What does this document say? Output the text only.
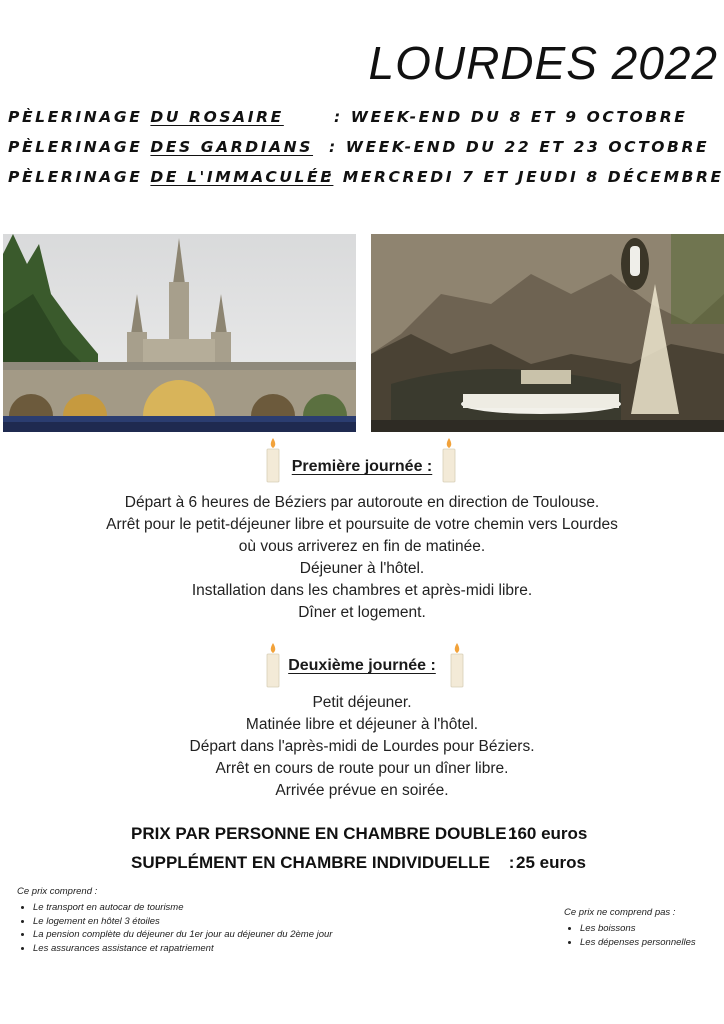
LOURDES 2022
PÈLERINAGE DU ROSAIRE	: WEEK-END DU 8 ET 9 OCTOBRE
PÈLERINAGE DES GARDIANS : WEEK-END DU 22 ET 23 OCTOBRE
PÈLERINAGE DE L'IMMACULÉE
: MERCREDI 7 ET JEUDI 8 DÉCEMBRE
Première journée :
Départ à 6 heures de Béziers par autoroute en direction de Toulouse.
Arrêt pour le petit-déjeuner libre et poursuite de votre chemin vers Lourdes
où vous arriverez en fin de matinée.
Déjeuner à l'hôtel.
Installation dans les chambres et après-midi libre.
Dîner et logement.
Deuxième journée :
Petit déjeuner.
Matinée libre et déjeuner à l'hôtel.
Départ dans l'après-midi de Lourdes pour Béziers.
Arrêt en cours de route pour un dîner libre.
Arrivée prévue en soirée.
PRIX PAR PERSONNE EN CHAMBRE DOUBLE :
160 euros
SUPPLÉMENT EN CHAMBRE INDIVIDUELLE    : 25 euros
Ce prix comprend :
• Le transport en autocar de tourisme
• Le logement en hôtel 3 étoiles
• La pension complète du déjeuner du 1er jour au déjeuner du 2ème jour
• Les assurances assistance et rapatriement
Ce prix ne comprend pas :
• Les boissons
• Les dépenses personnelles
